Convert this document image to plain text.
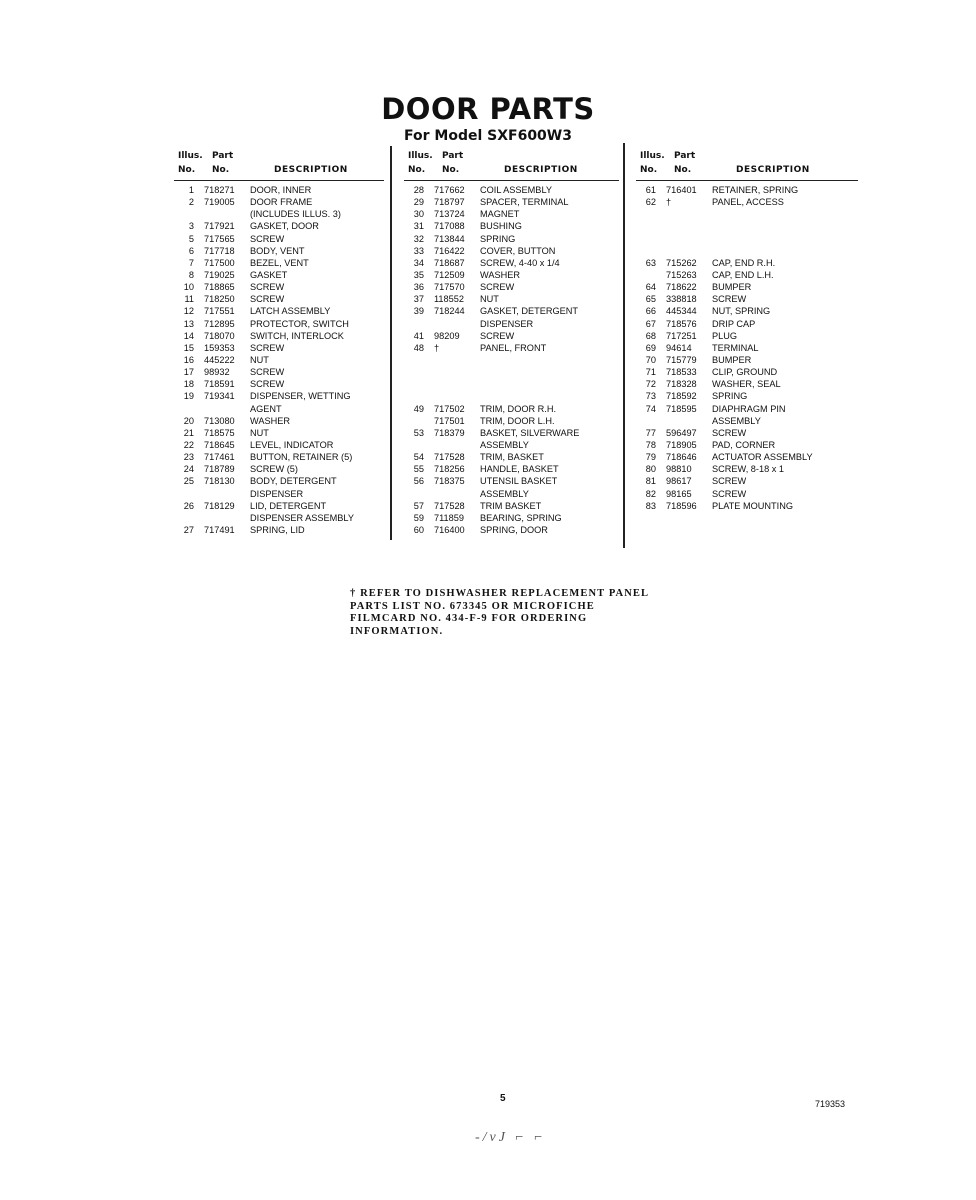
DOOR PARTS
For Model SXF600W3
Illus. Part
No. No.	DESCRIPTION
1 718271 DOOR, INNER
2 719005 DOOR FRAME
(INCLUDES ILLUS. 3)
3 717921 GASKET, DOOR
5 717565 SCREW
6 717718 BODY, VENT
7 717500 BEZEL, VENT
8 719025 GASKET
10 718865 SCREW
11 718250 SCREW
12 717551 LATCH ASSEMBLY
13 712895 PROTECTOR, SWITCH
14 718070 SWITCH, INTERLOCK
15 159353 SCREW
16 445222 NUT
17 98932 SCREW
18 718591 SCREW
19 719341 DISPENSER, WETTING
AGENT
20 713080 WASHER
21 718575 NUT
22 718645 LEVEL, INDICATOR
23 717461 BUTTON, RETAINER (5)
24 718789 SCREW (5)
25 718130 BODY, DETERGENT
DISPENSER
26 718129 LID, DETERGENT
DISPENSER ASSEMBLY
27 717491 SPRING, LID
Illus. Part
No. No.	DESCRIPTION
28 717662 COIL ASSEMBLY
29 718797 SPACER, TERMINAL
30 713724 MAGNET
31 717088 BUSHING
32 713844 SPRING
33 716422 COVER, BUTTON
34 718687 SCREW, 4-40 x 1/4
35 712509 WASHER
36 717570 SCREW
37 118552 NUT
39 718244 GASKET, DETERGENT
DISPENSER
41 98209 SCREW
48 †	PANEL, FRONT
49 717502 TRIM, DOOR R.H.
717501 TRIM, DOOR L.H.
53 718379 BASKET, SILVERWARE
ASSEMBLY
54 717528 TRIM, BASKET
55 718256 HANDLE, BASKET
56 718375 UTENSIL BASKET
ASSEMBLY
57 717528 TRIM BASKET
59 711859 BEARING, SPRING
60 716400 SPRING, DOOR
Illus. Part
No. No.	DESCRIPTION
61 716401 RETAINER, SPRING
62 †	PANEL, ACCESS
63 715262 CAP, END R.H.
715263 CAP, END L.H.
64 718622 BUMPER
65 338818 SCREW
66 445344 NUT, SPRING
67 718576 DRIP CAP
68 717251 PLUG
69 94614 TERMINAL
70 715779 BUMPER
71 718533 CLIP, GROUND
72 718328 WASHER, SEAL
73 718592 SPRING
74 718595 DIAPHRAGM PIN
ASSEMBLY
77 596497 SCREW
78 718905 PAD, CORNER
79 718646 ACTUATOR ASSEMBLY
80 98810 SCREW, 8-18 x 1
81 98617 SCREW
82 98165 SCREW
83 718596 PLATE MOUNTING
† REFER TO DISHWASHER REPLACEMENT PANEL PARTS LIST NO. 673345 OR MICROFICHE FILMCARD NO. 434-F-9 FOR ORDERING INFORMATION.
5	719353
-/vJ ⌐ ⌐
